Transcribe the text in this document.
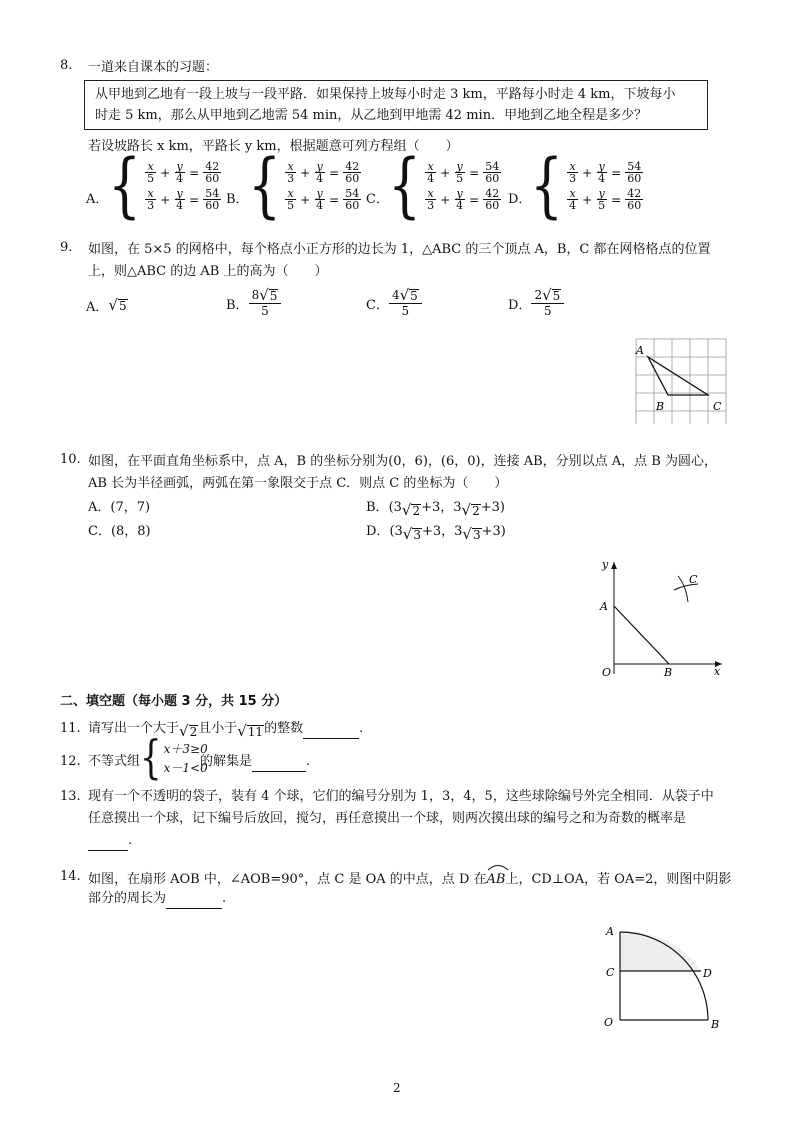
8. 一道来自课本的习题：
从甲地到乙地有一段上坡与一段平路．如果保持上坡每小时走 3 km，平路每小时走 4 km，下坡每小
时走 5 km，那么从甲地到乙地需 54 min，从乙地到甲地需 42 min．甲地到乙地全程是多少？
若设坡路长 x km，平路长 y km，根据题意可列方程组（　　）
A． { $\frac{x}{5} + \frac{y}{4} = \frac{42}{60}$
$\frac{x}{3} + \frac{y}{4} = \frac{54}{60}$ B． { $\frac{x}{3} + \frac{y}{4} = \frac{42}{60}$
$\frac{x}{5} + \frac{y}{4} = \frac{54}{60}$ C． { $\frac{x}{4} + \frac{y}{5} = \frac{54}{60}$
$\frac{x}{3} + \frac{y}{4} = \frac{42}{60}$ D．
{ $\frac{x}{3} + \frac{y}{4} = \frac{54}{60}$
$\frac{x}{4} + \frac{y}{5} = \frac{42}{60}$
9. 如图，在 5×5 的网格中，每个格点小正方形的边长为 1，△ABC 的三个顶点 A，B，C 都在网格格点的位置
上，则△ABC 的边 AB 上的高为（　　）
A． √ 5	B． $\frac{8 √ 5}{5}$	C． $\frac{4 √ 5}{5}$	D． $\frac{2 √ 5}{5}$
A
B	C
10. 如图，在平面直角坐标系中，点 A，B 的坐标分别为(0，6)，(6，0)，连接 AB，分别以点 A，点 B 为圆心，
AB 长为半径画弧，两弧在第一象限交于点 C．则点 C 的坐标为（　　）
A．(7，7)	B． (3 √ 2 +3，3 √ 2 +3)
C．(8，8)	D． (3 √ 3 +3，3 √ 3 +3)
y
x
A
B
C
O
二、填空题（每小题 3 分，共 15 分）
11. 请写出一个大于 √ 2 且小于 √ 11 的整数	.
12. 不等式组 { x＋3≥0
x－1<0
的解集是	.
13. 现有一个不透明的袋子，装有 4 个球，它们的编号分别为 1，3，4，5，这些球除编号外完全相同．从袋子中
任意摸出一个球，记下编号后放回，搅匀，再任意摸出一个球，则两次摸出球的编号之和为奇数的概率是
.
14. 如图，在扇形 AOB 中，∠AOB=90°，点 C 是 OA 的中点，点 D 在 AB 上，CD⊥OA，若 OA=2，则图中阴影
部分的周长为	.
A
C	D
O	B
2
